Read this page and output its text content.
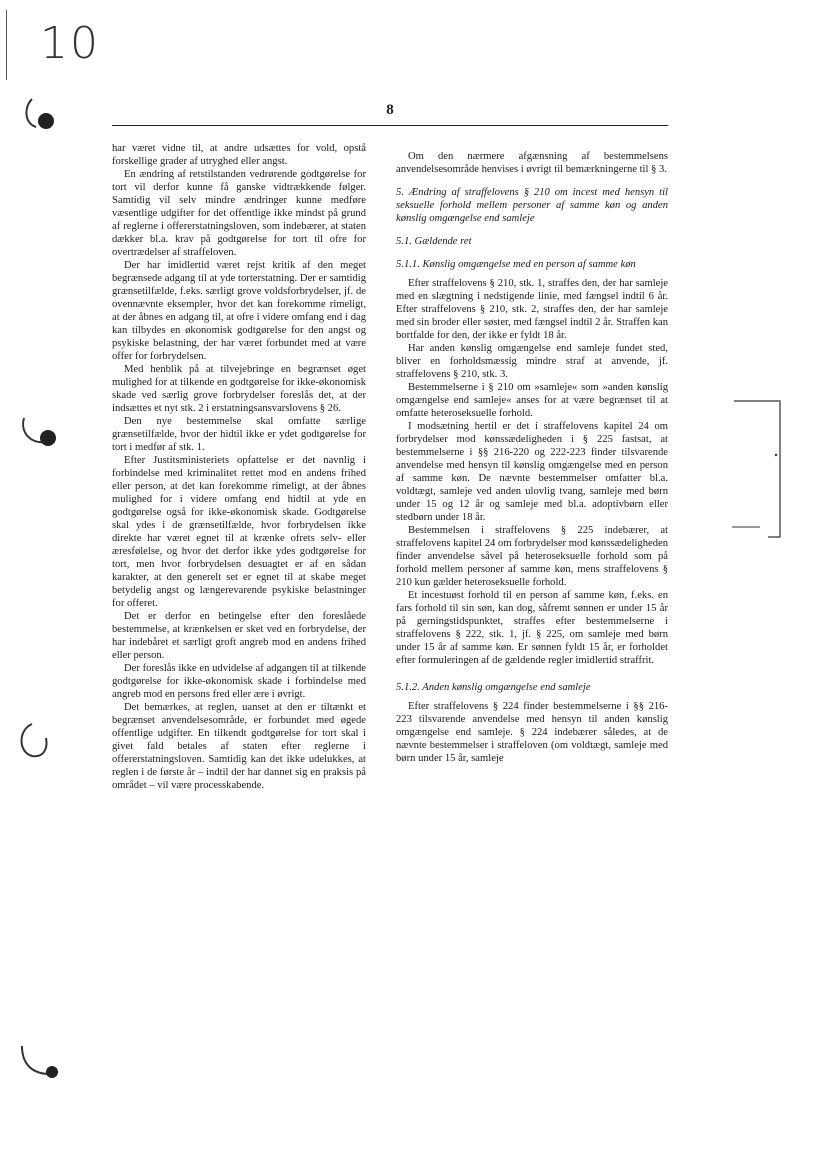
10
8

har været vidne til, at andre udsættes for vold, opstå forskellige grader af utryghed eller angst.

En ændring af retstilstanden vedrørende godtgørelse for tort vil derfor kunne få ganske vidtrækkende følger. Samtidig vil selv mindre ændringer kunne medføre væsentlige udgifter for det offentlige ikke mindst på grund af reglerne i offererstatningsloven, som indebærer, at staten dækker bl.a. krav på godtgørelse for tort til ofre for overtrædelser af straffeloven.

Der har imidlertid været rejst kritik af den meget begrænsede adgang til at yde torterstatning. Der er samtidig grænsetilfælde, f.eks. særligt grove voldsforbrydelser, jf. de ovennævnte eksempler, hvor det kan forekomme rimeligt, at der åbnes en adgang til, at ofre i videre omfang end i dag kan tilbydes en økonomisk godtgørelse for den angst og psykiske belastning, der har været forbundet med at være offer for forbrydelsen.

Med henblik på at tilvejebringe en begrænset øget mulighed for at tilkende en godtgørelse for ikke-økonomisk skade ved særlig grove forbrydelser foreslås det, at der indsættes et nyt stk. 2 i erstatningsansvarslovens § 26.

Den nye bestemmelse skal omfatte særlige grænsetilfælde, hvor der hidtil ikke er ydet godtgørelse for tort i medfør af stk. 1.

Efter Justitsministeriets opfattelse er det navnlig i forbindelse med kriminalitet rettet mod en andens frihed eller person, at det kan forekomme rimeligt, at der åbnes mulighed for i videre omfang end hidtil at yde en godtgørelse også for ikke-økonomisk skade. Godtgørelse skal ydes i de grænsetilfælde, hvor forbrydelsen ikke direkte har været egnet til at krænke ofrets selv- eller æresfølelse, og hvor det derfor ikke ydes godtgørelse for tort, men hvor forbrydelsen desuagtet er af en sådan karakter, at den generelt set er egnet til at skabe meget betydelig angst og længerevarende psykiske belastninger for offeret.

Det er derfor en betingelse efter den foreslåede bestemmelse, at krænkelsen er sket ved en forbrydelse, der har indebåret et særligt groft angreb mod en andens frihed eller person.

Der foreslås ikke en udvidelse af adgangen til at tilkende godtgørelse for ikke-økonomisk skade i forbindelse med angreb mod en persons fred eller ære i øvrigt.

Det bemærkes, at reglen, uanset at den er tiltænkt et begrænset anvendelsesområde, er forbundet med øgede offentlige udgifter. En tilkendt godtgørelse for tort skal i givet fald betales af staten efter reglerne i offererstatningsloven. Samtidig kan det ikke udelukkes, at reglen i de første år – indtil der har dannet sig en praksis på området – vil være processkabende.

Om den nærmere afgænsning af bestemmelsens anvendelsesområde henvises i øvrigt til bemærkningerne til § 3.

5. Ændring af straffelovens § 210 om incest med hensyn til seksuelle forhold mellem personer af samme køn og anden kønslig omgængelse end samleje

5.1. Gældende ret

5.1.1. Kønslig omgængelse med en person af samme køn

Efter straffelovens § 210, stk. 1, straffes den, der har samleje med en slægtning i nedstigende linie, med fængsel indtil 6 år. Efter straffelovens § 210, stk. 2, straffes den, der har samleje med sin broder eller søster, med fængsel indtil 2 år. Straffen kan bortfalde for den, der ikke er fyldt 18 år.

Har anden kønslig omgængelse end samleje fundet sted, bliver en forholdsmæssig mindre straf at anvende, jf. straffelovens § 210, stk. 3.

Bestemmelserne i § 210 om »samleje« som »anden kønslig omgængelse end samleje« anses for at være begrænset til at omfatte heteroseksuelle forhold.

I modsætning hertil er det i straffelovens kapitel 24 om forbrydelser mod kønssædeligheden i § 225 fastsat, at bestemmelserne i §§ 216-220 og 222-223 finder tilsvarende anvendelse med hensyn til kønslig omgængelse med en person af samme køn. De nævnte bestemmelser omfatter bl.a. voldtægt, samleje ved anden ulovlig tvang, samleje med børn under 15 og 12 år og samleje med bl.a. adoptivbørn eller stedbørn under 18 år.

Bestemmelsen i straffelovens § 225 indebærer, at straffelovens kapitel 24 om forbrydelser mod kønssædeligheden finder anvendelse såvel på heteroseksuelle forhold som på forhold mellem personer af samme køn, mens straffelovens § 210 kun gælder heteroseksuelle forhold.

Et incestuøst forhold til en person af samme køn, f.eks. en fars forhold til sin søn, kan dog, såfremt sønnen er under 15 år på gerningstidspunktet, straffes efter bestemmelserne i straffelovens § 222, stk. 1, jf. § 225, om samleje med børn under 15 år af samme køn. Er sønnen fyldt 15 år, er forholdet efter formuleringen af de gældende regler imidlertid straffrit.

5.1.2. Anden kønslig omgængelse end samleje

Efter straffelovens § 224 finder bestemmelserne i §§ 216-223 tilsvarende anvendelse med hensyn til anden kønslig omgængelse end samleje. § 224 indebærer således, at de nævnte bestemmelser i straffeloven (om voldtægt, samleje med børn under 15 år, samleje
